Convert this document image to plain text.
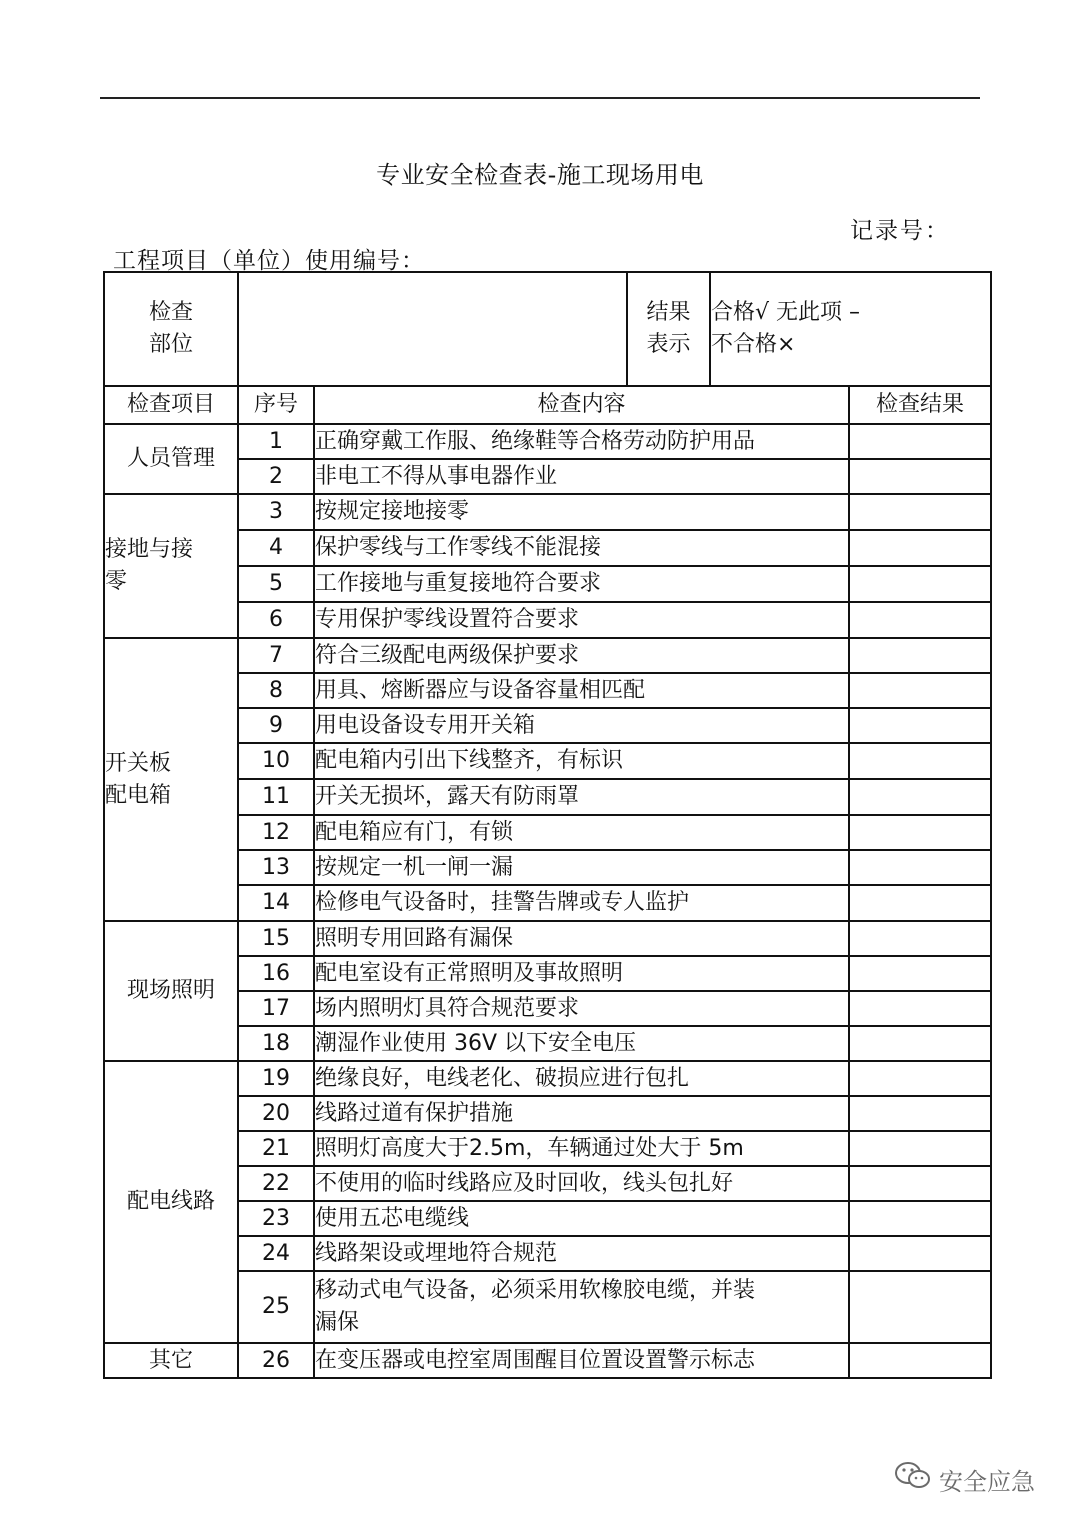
专业安全检查表-施工现场用电
记录号：
工程项目（单位）使用编号：
检查
部位			结果
表示	合格√ 无此项 –
不合格×	
检查项目	序号	检查内容			检查结果
人员管理	1	正确穿戴工作服、绝缘鞋等合格劳动防护用品			
	2	非电工不得从事电器作业			
接地与接
零	3	按规定接地接零			
	4	保护零线与工作零线不能混接			
	5	工作接地与重复接地符合要求			
	6	专用保护零线设置符合要求			
开关板
配电箱	7	符合三级配电两级保护要求			
	8	用具、熔断器应与设备容量相匹配			
	9	用电设备设专用开关箱			
	10	配电箱内引出下线整齐，有标识			
	11	开关无损坏，露天有防雨罩			
	12	配电箱应有门，有锁			
	13	按规定一机一闸一漏			
	14	检修电气设备时，挂警告牌或专人监护			
现场照明	15	照明专用回路有漏保			
	16	配电室设有正常照明及事故照明			
	17	场内照明灯具符合规范要求			
	18	潮湿作业使用 36V 以下安全电压			
配电线路	19	绝缘良好，电线老化、破损应进行包扎			
	20	线路过道有保护措施			
	21	照明灯高度大于2.5m，车辆通过处大于 5m			
	22	不使用的临时线路应及时回收，线头包扎好			
	23	使用五芯电缆线			
	24	线路架设或埋地符合规范			
	25	移动式电气设备，必须采用软橡胶电缆，并装
漏保			
其它	26	在变压器或电控室周围醒目位置设置警示标志			
安全应急
